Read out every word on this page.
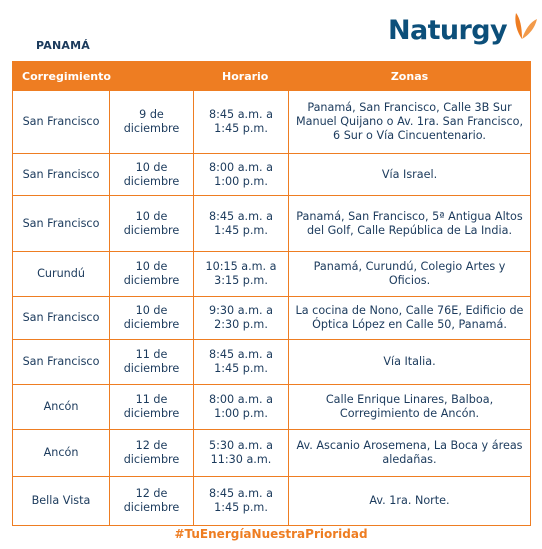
PANAMÁ	Naturgy
Corregimiento		Horario	Zonas
San Francisco	9 de diciembre	8:45 a.m. a 1:45 p.m.	Panamá, San Francisco, Calle 3B Sur Manuel Quijano o Av. 1ra. San Francisco, 6 Sur o Vía Cincuentenario.
San Francisco	10 de diciembre	8:00 a.m. a 1:00 p.m.	Vía Israel.
San Francisco	10 de diciembre	8:45 a.m. a 1:45 p.m.	Panamá, San Francisco, 5ª Antigua Altos del Golf, Calle República de La India.
Curundú	10 de diciembre	10:15 a.m. a 3:15 p.m.	Panamá, Curundú, Colegio Artes y Oficios.
San Francisco	10 de diciembre	9:30 a.m. a 2:30 p.m.	La cocina de Nono, Calle 76E, Edificio de Óptica López en Calle 50, Panamá.
San Francisco	11 de diciembre	8:45 a.m. a 1:45 p.m.	Vía Italia.
Ancón	11 de diciembre	8:00 a.m. a 1:00 p.m.	Calle Enrique Linares, Balboa, Corregimiento de Ancón.
Ancón	12 de diciembre	5:30 a.m. a 11:30 a.m.	Av. Ascanio Arosemena, La Boca y áreas aledañas.
Bella Vista	12 de diciembre	8:45 a.m. a 1:45 p.m.	Av. 1ra. Norte.
#TuEnergíaNuestraPrioridad
